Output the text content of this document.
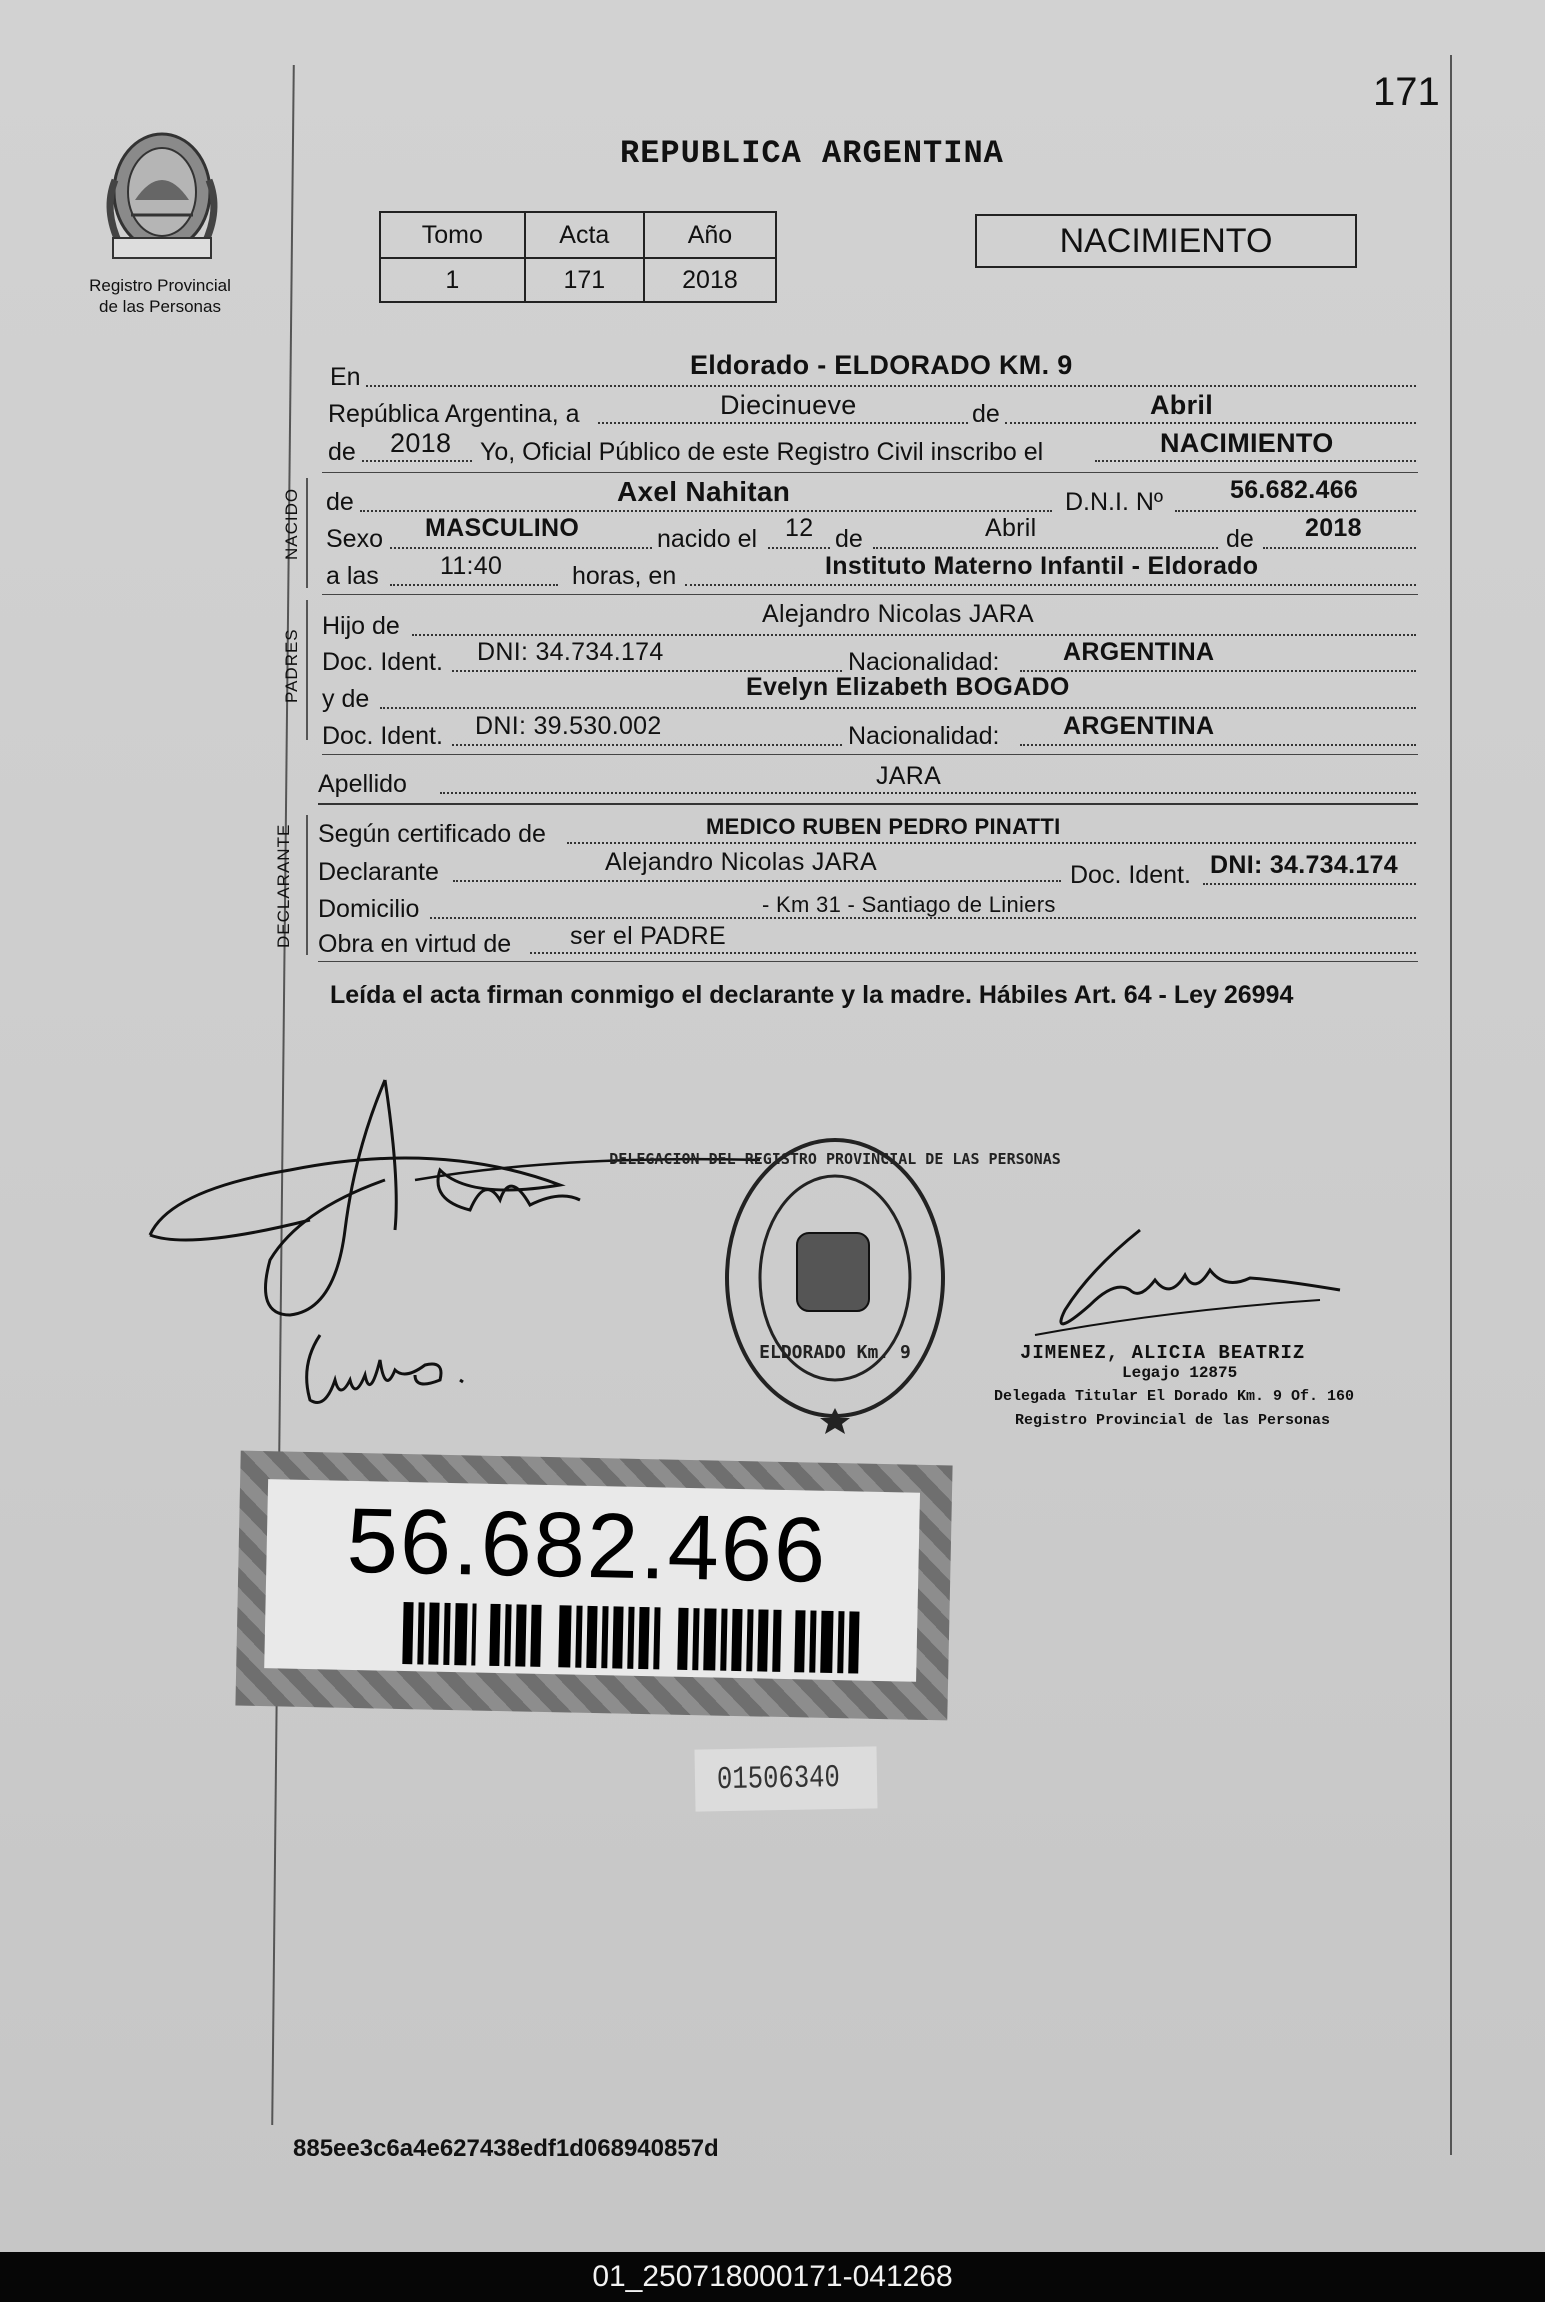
171
Registro Provincial
de las Personas
REPUBLICA ARGENTINA
Tomo	Acta	Año
1	171	2018
NACIMIENTO
En	Eldorado - ELDORADO KM. 9
República Argentina, a	Diecinueve	de	Abril
de 2018 Yo, Oficial Público de este Registro Civil inscribo el	NACIMIENTO
NACIDO de	Axel Nahitan	D.N.I. Nº	56.682.466
Sexo MASCULINO	nacido el 12 de	Abril	de 2018
a las 11:40	horas, en	Instituto Materno Infantil - Eldorado
PADRES
Hijo de	Alejandro Nicolas JARA
Doc. Ident. DNI: 34.734.174	Nacionalidad:	ARGENTINA
y de	Evelyn Elizabeth BOGADO
Doc. Ident. DNI: 39.530.002	Nacionalidad:	ARGENTINA
Apellido	JARA
DECLARANTE Según certificado de	MEDICO RUBEN PEDRO PINATTI
Declarante	Alejandro Nicolas JARA	Doc. Ident. DNI: 34.734.174
Domicilio	- Km 31 - Santiago de Liniers
Obra en virtud de ser el PADRE
Leída el acta firman conmigo el declarante y la madre. Hábiles Art. 64 - Ley 26994
DELEGACION DEL REGISTRO PROVINCIAL DE LAS PERSONAS
ELDORADO Km. 9	JIMENEZ, ALICIA BEATRIZ
Legajo 12875
Delegada Titular El Dorado Km. 9 Of. 160
Registro Provincial de las Personas
56.682.466
01506340
885ee3c6a4e627438edf1d068940857d
01_250718000171-041268
